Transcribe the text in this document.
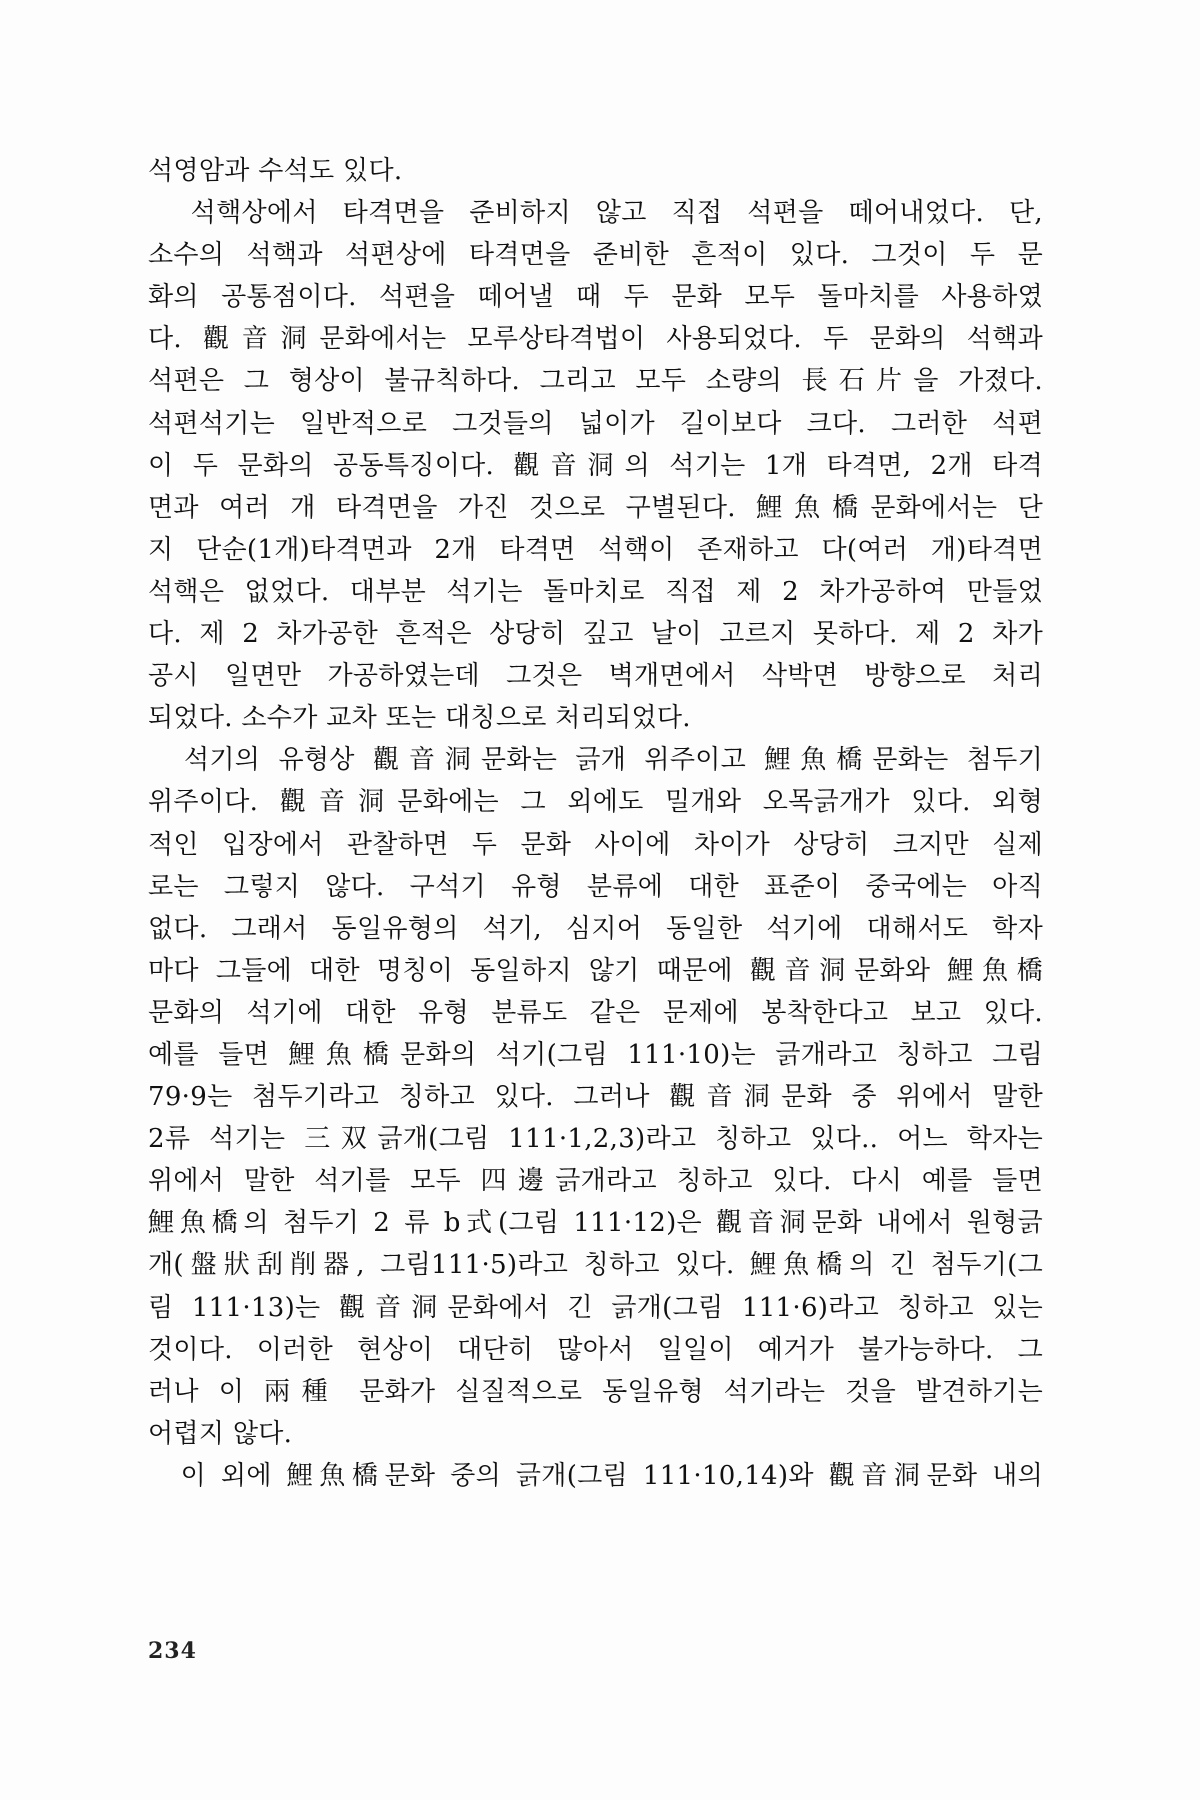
석영암과 수석도 있다.
　석핵상에서 타격면을 준비하지 않고 직접 석편을 떼어내었다. 단,
소수의 석핵과 석편상에 타격면을 준비한 흔적이 있다. 그것이 두 문
화의 공통점이다. 석편을 떼어낼 때 두 문화 모두 돌마치를 사용하였
다. 觀音洞문화에서는 모루상타격법이 사용되었다. 두 문화의 석핵과
석편은 그 형상이 불규칙하다. 그리고 모두 소량의 長石片을 가졌다.
석편석기는 일반적으로 그것들의 넓이가 길이보다 크다. 그러한 석편
이 두 문화의 공동특징이다. 觀音洞의 석기는 1개 타격면, 2개 타격
면과 여러 개 타격면을 가진 것으로 구별된다. 鯉魚橋문화에서는 단
지 단순(1개)타격면과 2개 타격면 석핵이 존재하고 다(여러 개)타격면
석핵은 없었다. 대부분 석기는 돌마치로 직접 제 2 차가공하여 만들었
다. 제 2 차가공한 흔적은 상당히 깊고 날이 고르지 못하다. 제 2 차가
공시 일면만 가공하였는데 그것은 벽개면에서 삭박면 방향으로 처리
되었다. 소수가 교차 또는 대칭으로 처리되었다.
　석기의 유형상 觀音洞문화는 긁개 위주이고 鯉魚橋문화는 첨두기
위주이다. 觀音洞문화에는 그 외에도 밀개와 오목긁개가 있다. 외형
적인 입장에서 관찰하면 두 문화 사이에 차이가 상당히 크지만 실제
로는 그렇지 않다. 구석기 유형 분류에 대한 표준이 중국에는 아직
없다. 그래서 동일유형의 석기, 심지어 동일한 석기에 대해서도 학자
마다 그들에 대한 명칭이 동일하지 않기 때문에 觀音洞문화와 鯉魚橋
문화의 석기에 대한 유형 분류도 같은 문제에 봉착한다고 보고 있다.
예를 들면 鯉魚橋문화의 석기(그림 111·10)는 긁개라고 칭하고 그림
79·9는 첨두기라고 칭하고 있다. 그러나 觀音洞문화 중 위에서 말한
2류 석기는 三双긁개(그림 111·1,2,3)라고 칭하고 있다.. 어느 학자는
위에서 말한 석기를 모두 四邊긁개라고 칭하고 있다. 다시 예를 들면
鯉魚橋의 첨두기 2 류 b式(그림 111·12)은 觀音洞문화 내에서 원형긁
개(盤狀刮削器, 그림111·5)라고 칭하고 있다. 鯉魚橋의 긴 첨두기(그
림 111·13)는 觀音洞문화에서 긴 긁개(그림 111·6)라고 칭하고 있는
것이다. 이러한 현상이 대단히 많아서 일일이 예거가 불가능하다. 그
러나 이 兩種 문화가 실질적으로 동일유형 석기라는 것을 발견하기는
어렵지 않다.
　이 외에 鯉魚橋문화 중의 긁개(그림 111·10,14)와 觀音洞문화 내의
234
